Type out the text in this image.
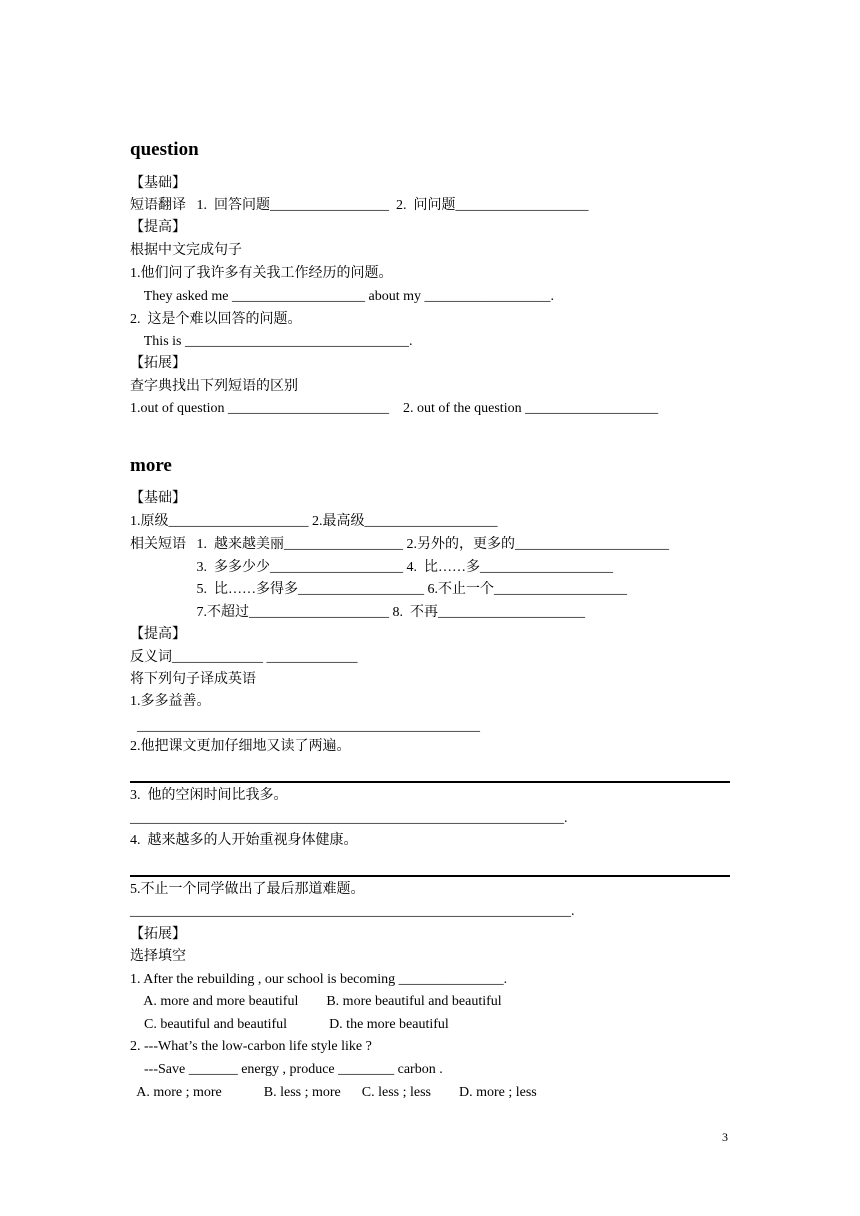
question
【基础】
短语翻译   1.  回答问题_________________  2.  问问题___________________
【提高】
根据中文完成句子
1.他们问了我许多有关我工作经历的问题。
They asked me ___________________ about my __________________.
2.  这是个难以回答的问题。
This is ________________________________.
【拓展】
查字典找出下列短语的区别
1.out of question _______________________    2. out of the question ___________________
more
【基础】
1.原级____________________ 2.最高级___________________
相关短语   1.  越来越美丽_________________ 2.另外的，更多的______________________
3.  多多少少___________________ 4.  比……多___________________
5.  比……多得多__________________ 6.不止一个___________________
7.不超过____________________ 8.  不再_____________________
【提高】
反义词_____________ _____________
将下列句子译成英语
1.多多益善。
_________________________________________________
2.他把课文更加仔细地又读了两遍。
3.  他的空闲时间比我多。
______________________________________________________________.
4.  越来越多的人开始重视身体健康。
5.不止一个同学做出了最后那道难题。
_______________________________________________________________.
【拓展】
选择填空
1. After the rebuilding , our school is becoming _______________.
A. more and more beautiful        B. more beautiful and beautiful
C. beautiful and beautiful            D. the more beautiful
2. ---What’s the low-carbon life style like ?
---Save _______ energy , produce ________ carbon .
A. more ; more            B. less ; more      C. less ; less        D. more ; less
3
